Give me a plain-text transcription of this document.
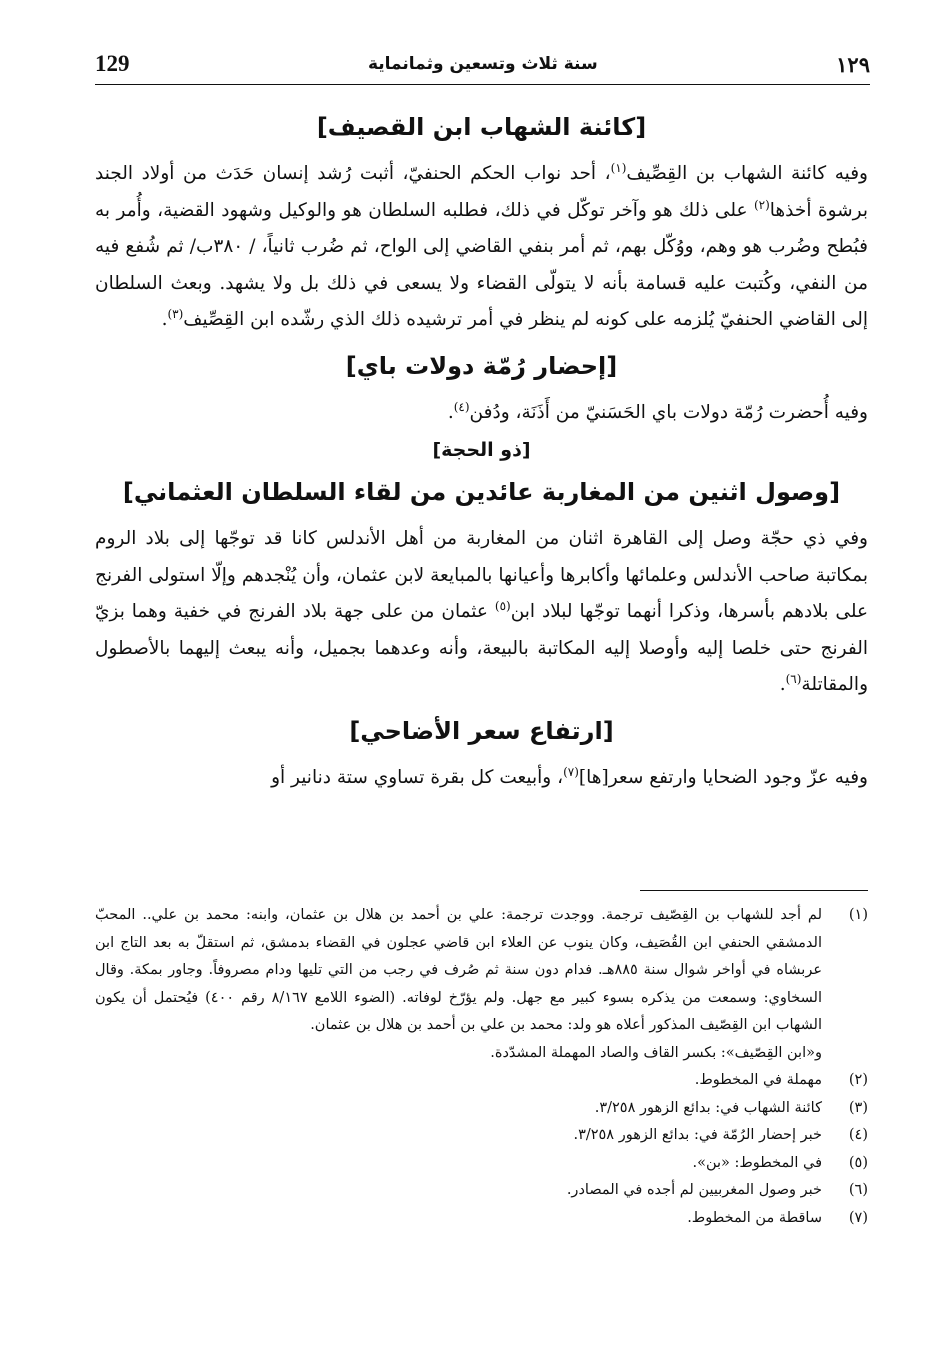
129	سنة ثلاث وتسعين وثمانماية	١٢٩
[كائنة الشهاب ابن القصيف]

وفيه كائنة الشهاب بن القِصِّيف$^{(١)}$، أحد نواب الحكم الحنفيّ، أثبت رُشد إنسان حَدَث من أولاد الجند برشوة أخذها$^{(٢)}$ على ذلك هو وآخر توكّل في ذلك، فطلبه السلطان هو والوكيل وشهود القضية، وأُمر به فبُطح وضُرب هو وهم، ووُكّل بهم، ثم أمر بنفي القاضي إلى الواح، ثم ضُرب ثانياً، / ٣٨٠ب/ ثم شُفع فيه من النفي، وكُتبت عليه قسامة بأنه لا يتولّى القضاء ولا يسعى في ذلك بل ولا يشهد. وبعث السلطان إلى القاضي الحنفيّ يُلزمه على كونه لم ينظر في أمر ترشيده ذلك الذي رشّده ابن القِصِّيف$^{(٣)}$.

[إحضار رُمّة دولات باي]

وفيه أُحضرت رُمّة دولات باي الحَسَنيّ من أَذَنَة، ودُفن$^{(٤)}$.

[ذو الحجة]
[وصول اثنين من المغاربة عائدين من لقاء السلطان العثماني]

وفي ذي حجّة وصل إلى القاهرة اثنان من المغاربة من أهل الأندلس كانا قد توجّها إلى بلاد الروم بمكاتبة صاحب الأندلس وعلمائها وأكابرها وأعيانها بالمبايعة لابن عثمان، وأن يُنْجدهم وإلّا استولى الفرنج على بلادهم بأسرها، وذكرا أنهما توجّها لبلاد ابن$^{(٥)}$ عثمان من على جهة بلاد الفرنج في خفية وهما بزيّ الفرنج حتى خلصا إليه وأوصلا إليه المكاتبة بالبيعة، وأنه وعدهما بجميل، وأنه يبعث إليهما بالأصطول والمقاتلة$^{(٦)}$.

[ارتفاع سعر الأضاحي]

وفيه عزّ وجود الضحايا وارتفع سعر[ها]$^{(٧)}$، وأبيعت كل بقرة تساوي ستة دنانير أو

(١)
لم أجد للشهاب بن القِصّيف ترجمة. ووجدت ترجمة: علي بن أحمد بن هلال بن عثمان، وابنه: محمد بن علي.. المحبّ الدمشقي الحنفي ابن القُصَيف، وكان ينوب عن العلاء ابن قاضي عجلون في القضاء بدمشق، ثم استقلّ به بعد التاج ابن عربشاه في أواخر شوال سنة ٨٨٥هـ. فدام دون سنة ثم صُرف في رجب من التي تليها ودام مصروفاً. وجاور بمكة. وقال السخاوي: وسمعت من يذكره بسوء كبير مع جهل. ولم يؤرّخ لوفاته. (الضوء اللامع ٨/١٦٧ رقم ٤٠٠) فيُحتمل أن يكون الشهاب ابن القِصّيف المذكور أعلاه هو ولد: محمد بن علي بن أحمد بن هلال بن عثمان.
و«ابن القِصّيف»: بكسر القاف والصاد المهملة المشدّدة.
(٢)
مهملة في المخطوط.
(٣)
كائنة الشهاب في: بدائع الزهور ٣/٢٥٨.
(٤)
خبر إحضار الرُمّة في: بدائع الزهور ٣/٢٥٨.
(٥)
في المخطوط: «بن».
(٦)
خبر وصول المغربيين لم أجده في المصادر.
(٧)
ساقطة من المخطوط.
